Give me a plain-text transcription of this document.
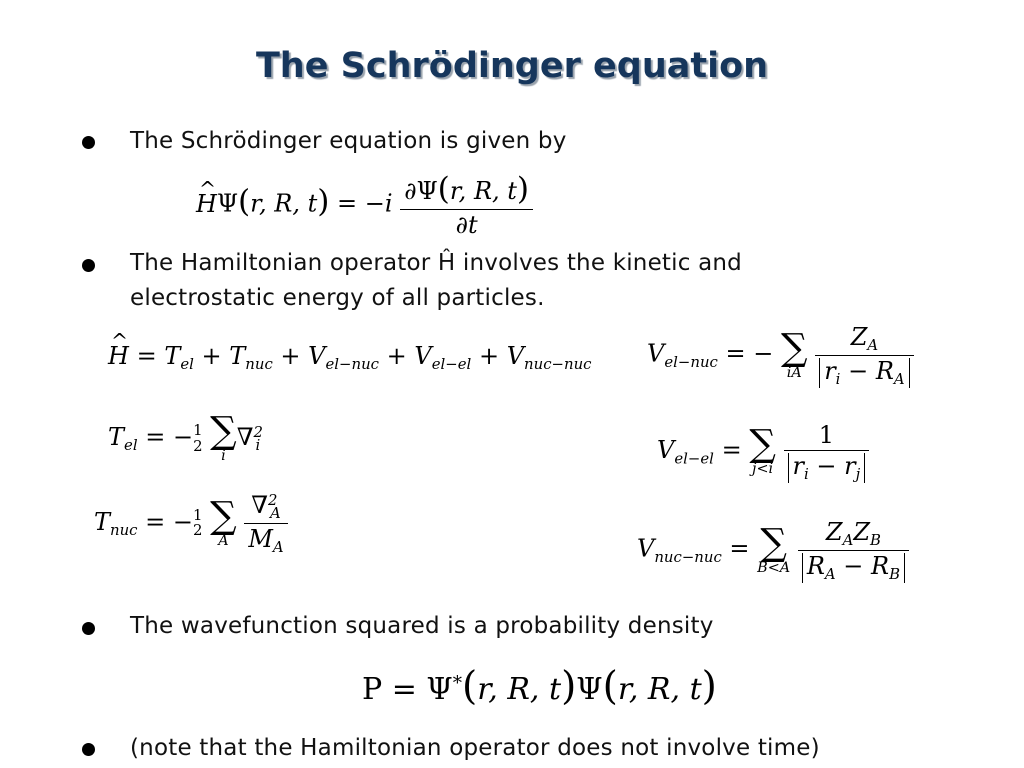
The Schrödinger equation
The Schrödinger equation is given by
^ HΨ(r, R, $t) = -i \frac{\partial\Psi(r, R, t)}{\partial t}$
The Hamiltonian operator Ĥ involves the kinetic and
electrostatic energy of all particles.
^ $H = T_{el} + T_{nuc} + V_{el-nuc} + V_{el-el} + V_{nuc-nuc}$
$T_{el}$ = − 1
2
∑
i
∇$^2_i$
$T_{nuc}$ = − 1
2
∑
A
$\frac{\nabla^2_A}{M_A}$
$V_{el-nuc}$ = − ∑
iA
$\frac{Z_A}{r_i - R_A}$
$V_{el-el}$ = ∑
j<i
$\frac{1}{r_i - r_j}$
$V_{nuc-nuc}$ = ∑
B<A
$\frac{Z_AZ_B}{R_A - R_B}$
The wavefunction squared is a probability density
P = Ψ*(r, R, t)Ψ(r, R, t)
(note that the Hamiltonian operator does not involve time)
